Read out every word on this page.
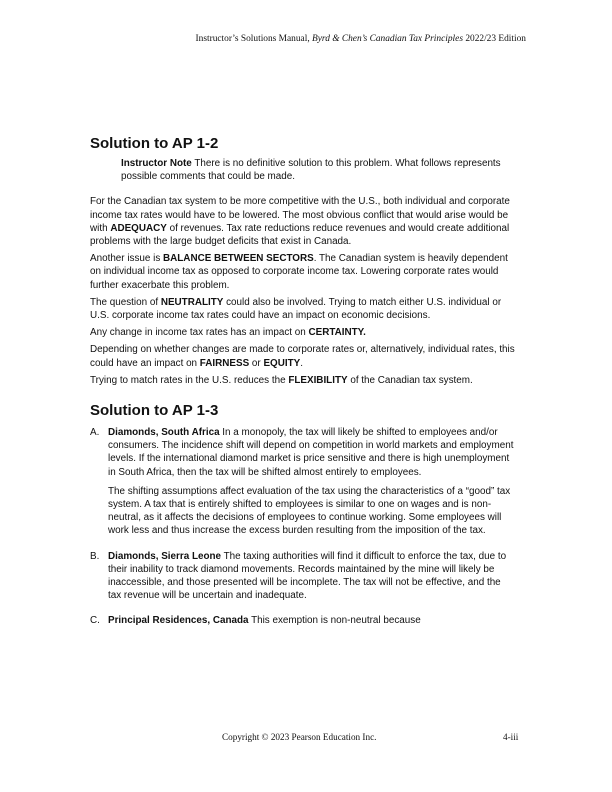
Instructor’s Solutions Manual, Byrd & Chen’s Canadian Tax Principles 2022/23 Edition
Solution to AP 1-2

Instructor Note There is no definitive solution to this problem. What follows represents possible comments that could be made.

For the Canadian tax system to be more competitive with the U.S., both individual and corporate income tax rates would have to be lowered. The most obvious conflict that would arise would be with ADEQUACY of revenues. Tax rate reductions reduce revenues and would create additional problems with the large budget deficits that exist in Canada.

Another issue is BALANCE BETWEEN SECTORS. The Canadian system is heavily dependent on individual income tax as opposed to corporate income tax. Lowering corporate rates would further exacerbate this problem.

The question of NEUTRALITY could also be involved. Trying to match either U.S. individual or U.S. corporate income tax rates could have an impact on economic decisions.

Any change in income tax rates has an impact on CERTAINTY.

Depending on whether changes are made to corporate rates or, alternatively, individual rates, this could have an impact on FAIRNESS or EQUITY.

Trying to match rates in the U.S. reduces the FLEXIBILITY of the Canadian tax system.

Solution to AP 1-3
A. Diamonds, South Africa In a monopoly, the tax will likely be shifted to employees and/or consumers. The incidence shift will depend on competition in world markets and employment levels. If the international diamond market is price sensitive and there is high unemployment in South Africa, then the tax will be shifted almost entirely to employees.

The shifting assumptions affect evaluation of the tax using the characteristics of a “good” tax system. A tax that is entirely shifted to employees is similar to one on wages and is non-neutral, as it affects the decisions of employees to continue working. Some employees will work less and thus increase the excess burden resulting from the imposition of the tax.

B. Diamonds, Sierra Leone The taxing authorities will find it difficult to enforce the tax, due to their inability to track diamond movements. Records maintained by the mine will likely be inaccessible, and those presented will be incomplete. The tax will not be effective, and the tax revenue will be uncertain and inadequate.

C. Principal Residences, Canada This exemption is non-neutral because

Copyright © 2023 Pearson Education Inc.	4-iii
